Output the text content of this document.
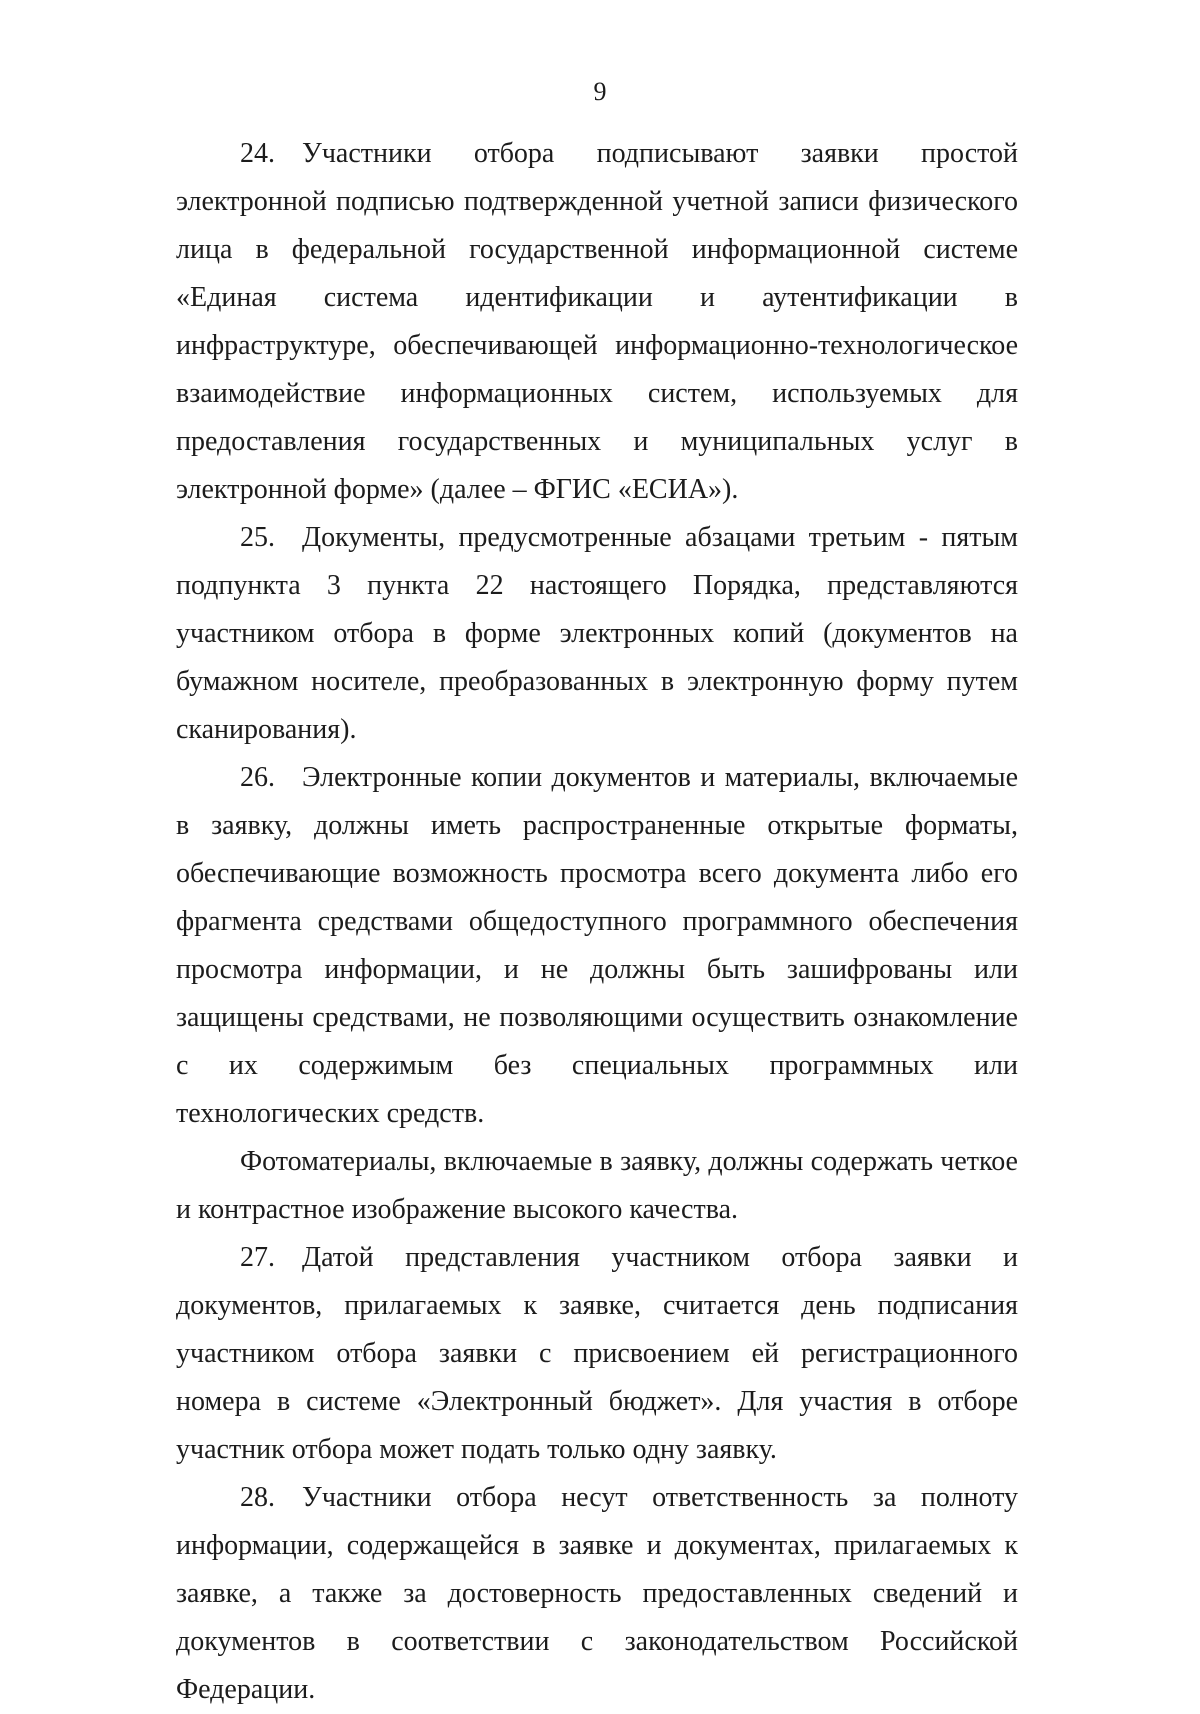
9

24. Участники отбора подписывают заявки простой электронной подписью подтвержденной учетной записи физического лица в федеральной государственной информационной системе «Единая система идентификации и аутентификации в инфраструктуре, обеспечивающей информационно-технологическое взаимодействие информационных систем, используемых для предоставления государственных и муниципальных услуг в электронной форме» (далее – ФГИС «ЕСИА»).

25. Документы, предусмотренные абзацами третьим - пятым подпункта 3 пункта 22 настоящего Порядка, представляются участником отбора в форме электронных копий (документов на бумажном носителе, преобразованных в электронную форму путем сканирования).

26. Электронные копии документов и материалы, включаемые в заявку, должны иметь распространенные открытые форматы, обеспечивающие возможность просмотра всего документа либо его фрагмента средствами общедоступного программного обеспечения просмотра информации, и не должны быть зашифрованы или защищены средствами, не позволяющими осуществить ознакомление с их содержимым без специальных программных или технологических средств.

Фотоматериалы, включаемые в заявку, должны содержать четкое и контрастное изображение высокого качества.

27. Датой представления участником отбора заявки и документов, прилагаемых к заявке, считается день подписания участником отбора заявки с присвоением ей регистрационного номера в системе «Электронный бюджет». Для участия в отборе участник отбора может подать только одну заявку.

28. Участники отбора несут ответственность за полноту информации, содержащейся в заявке и документах, прилагаемых к заявке, а также за достоверность предоставленных сведений и документов в соответствии с законодательством Российской Федерации.
